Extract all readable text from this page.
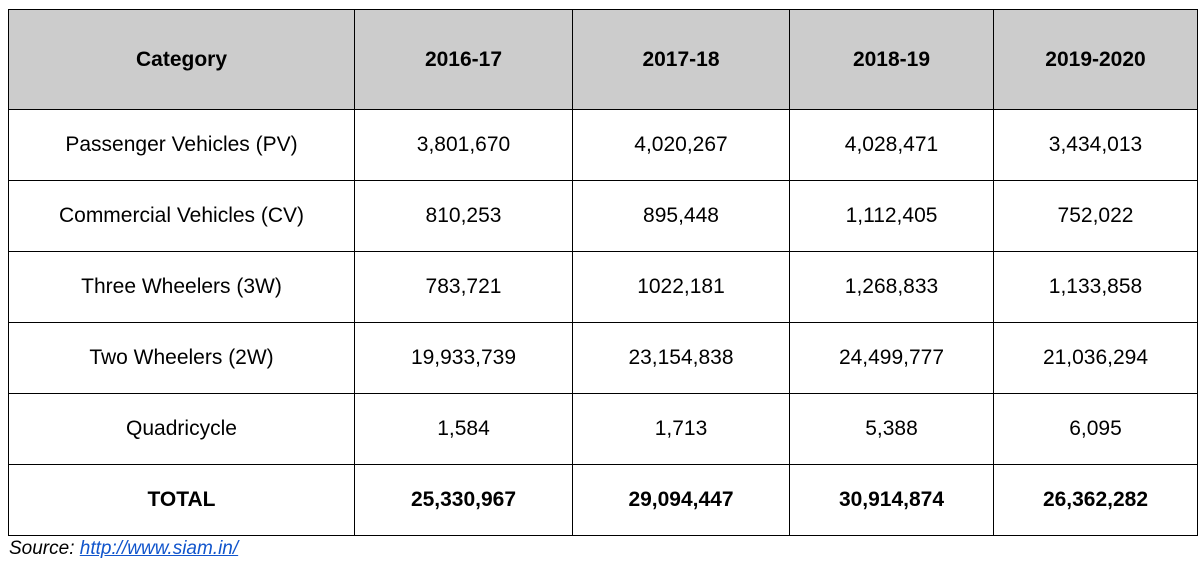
Category	2016-17	2017-18	2018-19	2019-2020
Passenger Vehicles (PV)	3,801,670	4,020,267	4,028,471	3,434,013
Commercial Vehicles (CV)	810,253	895,448	1,112,405	752,022
Three Wheelers (3W)	783,721	1022,181	1,268,833	1,133,858
Two Wheelers (2W)	19,933,739	23,154,838	24,499,777	21,036,294
Quadricycle	1,584	1,713	5,388	6,095
TOTAL	25,330,967	29,094,447	30,914,874	26,362,282
Source: http://www.siam.in/
